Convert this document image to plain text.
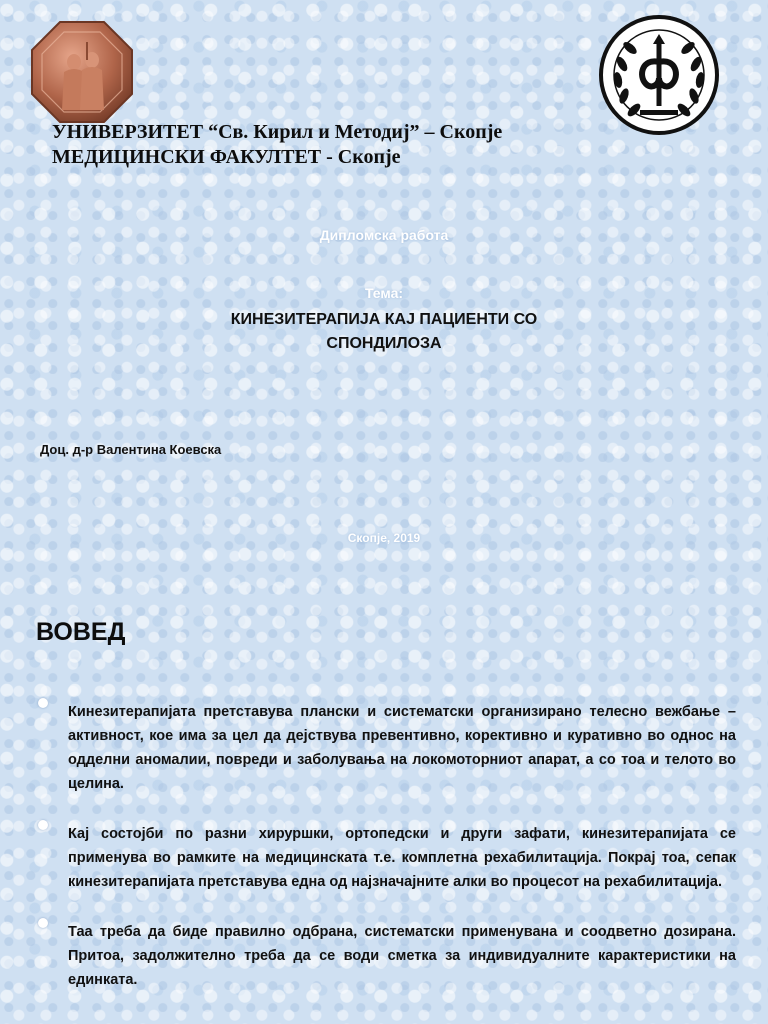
УНИВЕРЗИТЕТ “Св. Кирил и Методиј” – Скопје
МЕДИЦИНСКИ ФАКУЛТЕТ - Скопје
Дипломска работа
Тема:
КИНЕЗИТЕРАПИЈА КАЈ ПАЦИЕНТИ СО
СПОНДИЛОЗА
Доц. д-р Валентина Коевска
Скопје, 2019
ВОВЕД
Кинезитерапијата претставува плански и систематски организирано телесно вежбање – активност, кое има за цел да дејствува превентивно, корективно и куративно во однос на одделни аномалии, повреди и заболувања на локомоторниот апарат, а со тоа и телото во целина.
Кај состојби по разни хируршки, ортопедски и други зафати, кинезитерапијата се применува во рамките на медицинската т.е. комплетна рехабилитација. Покрај тоа, сепак кинезитерапијата претставува една од најзначајните алки во процесот на рехабилитација.
Таа треба да биде правилно одбрана, систематски применувана и соодветно дозирана. Притоа, задолжително треба да се води сметка за индивидуалните карактеристики на единката.
